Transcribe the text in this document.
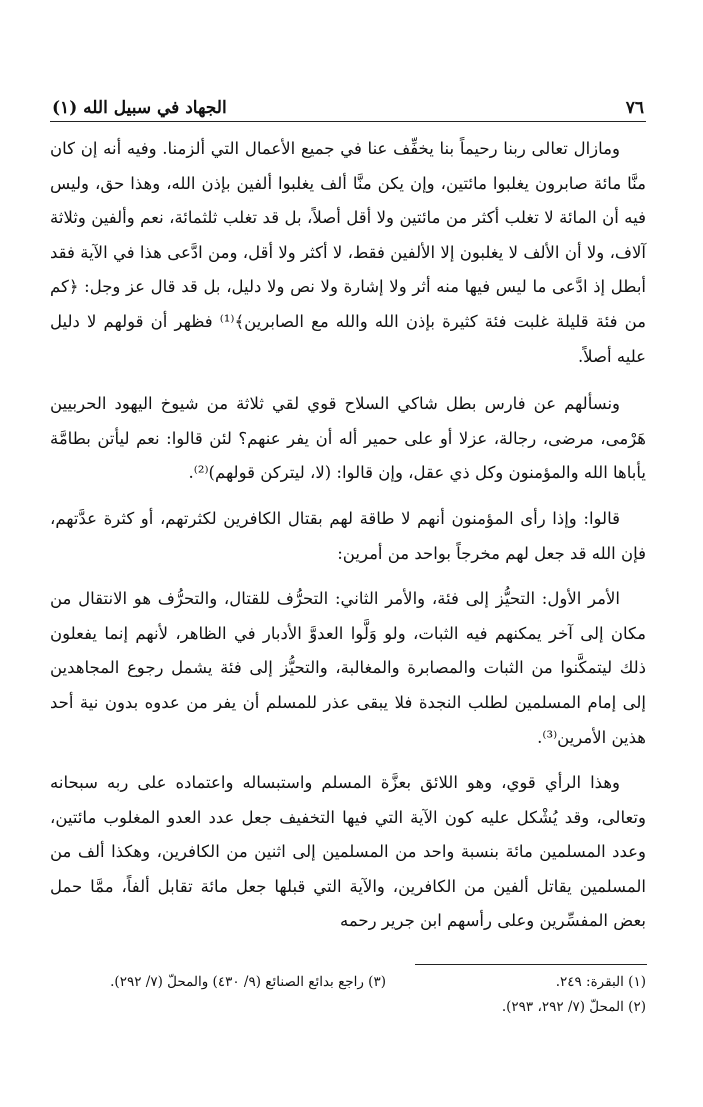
٧٦
الجهاد في سبيل الله (١)

ومازال تعالى ربنا رحيماً بنا يخفِّف عنا في جميع الأعمال التي ألزمنا. وفيه أنه إن كان منَّا مائة صابرون يغلبوا مائتين، وإن يكن منَّا ألف يغلبوا ألفين بإذن الله، وهذا حق، وليس فيه أن المائة لا تغلب أكثر من مائتين ولا أقل أصلاً، بل قد تغلب ثلثمائة، نعم وألفين وثلاثة آلاف، ولا أن الألف لا يغلبون إلا الألفين فقط، لا أكثر ولا أقل، ومن ادَّعى هذا في الآية فقد أبطل إذ ادَّعى ما ليس فيها منه أثر ولا إشارة ولا نص ولا دليل، بل قد قال عز وجل: ﴿كم من فئة قليلة غلبت فئة كثيرة بإذن الله والله مع الصابرين﴾⁽¹⁾ فظهر أن قولهم لا دليل عليه أصلاً.

ونسألهم عن فارس بطل شاكي السلاح قوي لقي ثلاثة من شيوخ اليهود الحربيين هَرْمى، مرضى، رجالة، عزلا أو على حمير أله أن يفر عنهم؟ لئن قالوا: نعم ليأتن بطامَّة يأباها الله والمؤمنون وكل ذي عقل، وإن قالوا: (لا، ليتركن قولهم)⁽²⁾.

قالوا: وإذا رأى المؤمنون أنهم لا طاقة لهم بقتال الكافرين لكثرتهم، أو كثرة عدَّتهم، فإن الله قد جعل لهم مخرجاً بواحد من أمرين:

الأمر الأول: التحيُّز إلى فئة، والأمر الثاني: التحرُّف للقتال، والتحرُّف هو الانتقال من مكان إلى آخر يمكنهم فيه الثبات، ولو وَلَّوا العدوَّ الأدبار في الظاهر، لأنهم إنما يفعلون ذلك ليتمكَّنوا من الثبات والمصابرة والمغالبة، والتحيُّز إلى فئة يشمل رجوع المجاهدين إلى إمام المسلمين لطلب النجدة فلا يبقى عذر للمسلم أن يفر من عدوه بدون نية أحد هذين الأمرين⁽³⁾.

وهذا الرأي قوي، وهو اللائق بعزَّة المسلم واستبساله واعتماده على ربه سبحانه وتعالى، وقد يُشْكل عليه كون الآية التي فيها التخفيف جعل عدد العدو المغلوب مائتين، وعدد المسلمين مائة بنسبة واحد من المسلمين إلى اثنين من الكافرين، وهكذا ألف من المسلمين يقاتل ألفين من الكافرين، والآية التي قبلها جعل مائة تقابل ألفاً، ممَّا حمل بعض المفسِّرين وعلى رأسهم ابن جرير رحمه

(١) البقرة: ٢٤٩.
(٣) راجع بدائع الصنائع (٩/ ٤٣٠) والمحلّ (٧/ ٢٩٢).
(٢) المحلّ (٧/ ٢٩٢، ٢٩٣).
